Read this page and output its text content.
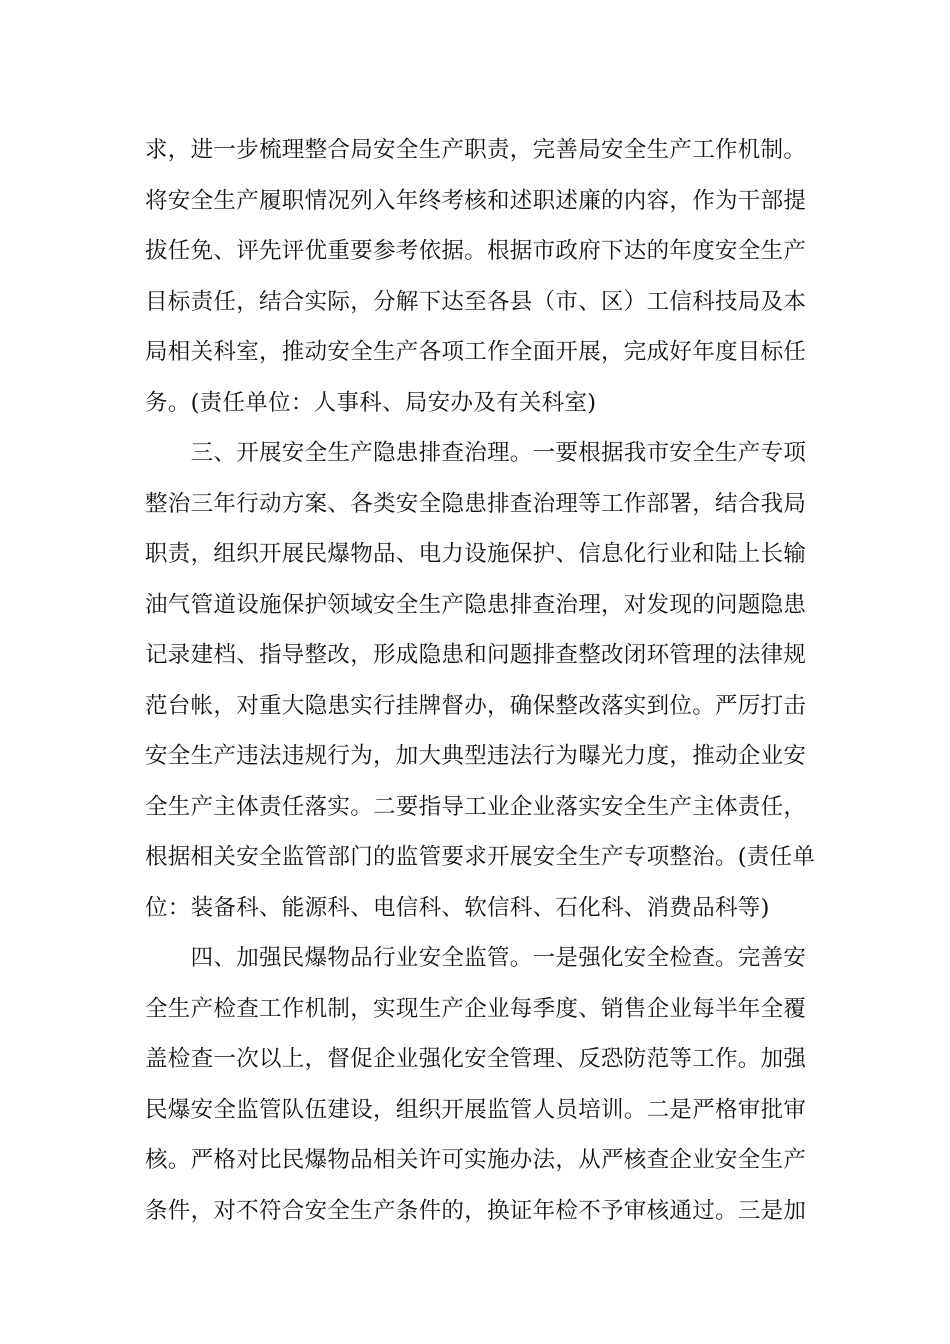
求，进一步梳理整合局安全生产职责，完善局安全生产工作机制。
将安全生产履职情况列入年终考核和述职述廉的内容，作为干部提
拔任免、评先评优重要参考依据。根据市政府下达的年度安全生产
目标责任，结合实际，分解下达至各县（市、区）工信科技局及本
局相关科室，推动安全生产各项工作全面开展，完成好年度目标任
务。(责任单位：人事科、局安办及有关科室)
　　三、开展安全生产隐患排查治理。一要根据我市安全生产专项
整治三年行动方案、各类安全隐患排查治理等工作部署，结合我局
职责，组织开展民爆物品、电力设施保护、信息化行业和陆上长输
油气管道设施保护领域安全生产隐患排查治理，对发现的问题隐患
记录建档、指导整改，形成隐患和问题排查整改闭环管理的法律规
范台帐，对重大隐患实行挂牌督办，确保整改落实到位。严厉打击
安全生产违法违规行为，加大典型违法行为曝光力度，推动企业安
全生产主体责任落实。二要指导工业企业落实安全生产主体责任，
根据相关安全监管部门的监管要求开展安全生产专项整治。(责任单
位：装备科、能源科、电信科、软信科、石化科、消费品科等)
　　四、加强民爆物品行业安全监管。一是强化安全检查。完善安
全生产检查工作机制，实现生产企业每季度、销售企业每半年全覆
盖检查一次以上，督促企业强化安全管理、反恐防范等工作。加强
民爆安全监管队伍建设，组织开展监管人员培训。二是严格审批审
核。严格对比民爆物品相关许可实施办法，从严核查企业安全生产
条件，对不符合安全生产条件的，换证年检不予审核通过。三是加
